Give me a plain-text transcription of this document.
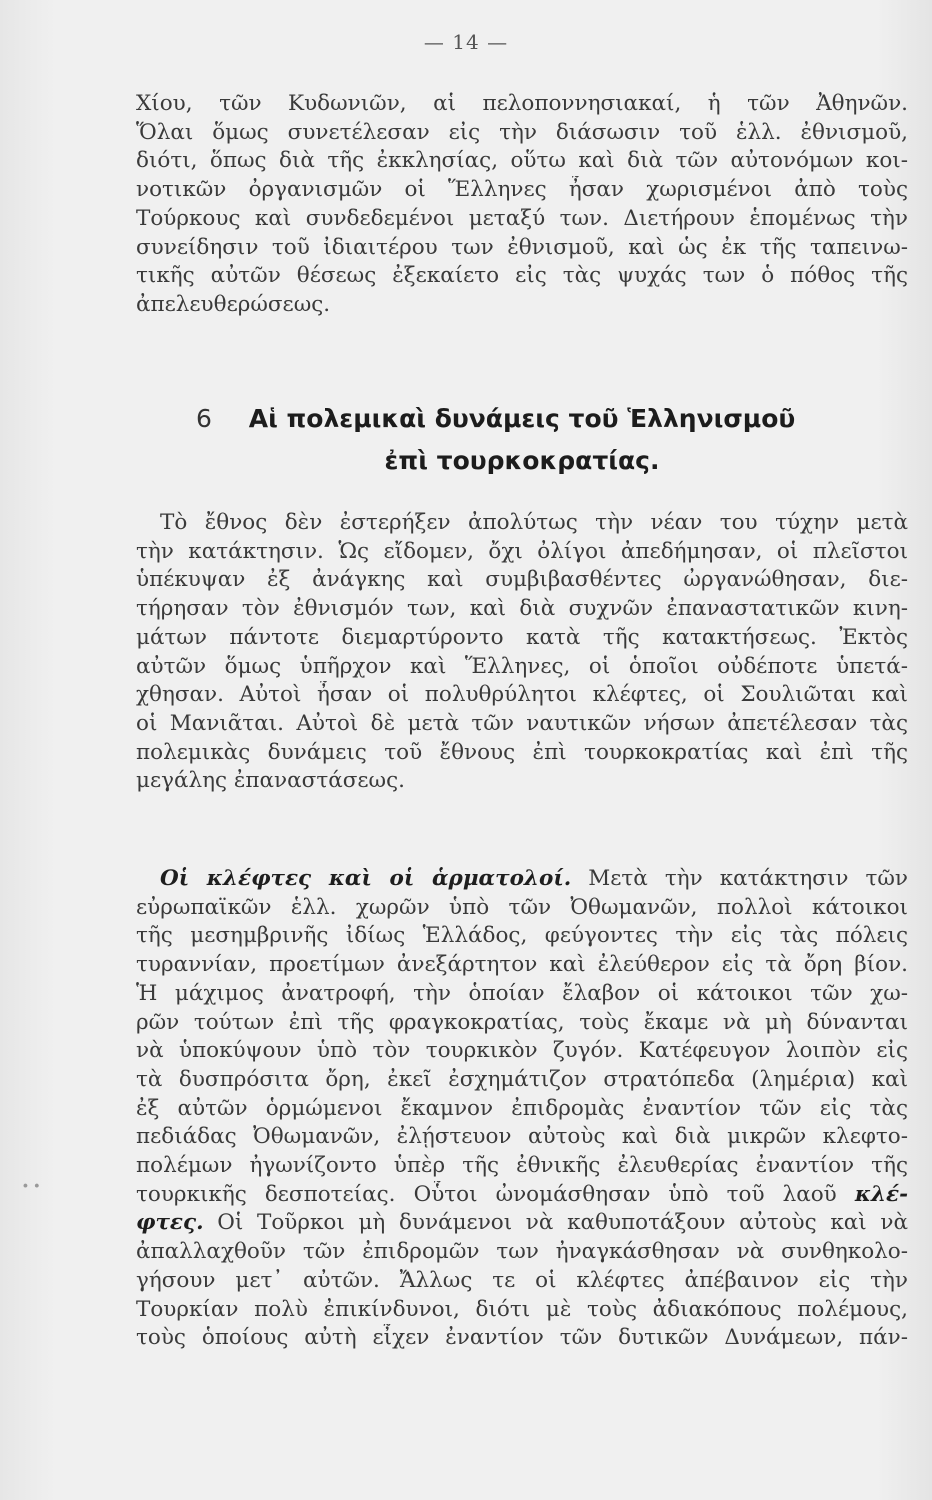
— 14 —
Χίου, τῶν Κυδωνιῶν, αἱ πελοποννησιακαί, ἡ τῶν Ἀθηνῶν.
Ὅλαι ὅμως συνετέλεσαν εἰς τὴν διάσωσιν τοῦ ἑλλ. ἐθνισμοῦ,
διότι, ὅπως διὰ τῆς ἐκκλησίας, οὕτω καὶ διὰ τῶν αὐτονόμων κοι-
νοτικῶν ὀργανισμῶν οἱ Ἕλληνες ἦσαν χωρισμένοι ἀπὸ τοὺς
Τούρκους καὶ συνδεδεμένοι μεταξύ των. Διετήρουν ἑπομένως τὴν
συνείδησιν τοῦ ἰδιαιτέρου των ἐθνισμοῦ, καὶ ὡς ἐκ τῆς ταπεινω-
τικῆς αὐτῶν θέσεως ἐξεκαίετο εἰς τὰς ψυχάς των ὁ πόθος τῆς
ἀπελευθερώσεως.
6	Αἱ πολεμικαὶ δυνάμεις τοῦ Ἑλληνισμοῦ
ἐπὶ τουρκοκρατίας.
Τὸ ἔθνος δὲν ἐστερήξεν ἀπολύτως τὴν νέαν του τύχην μετὰ
τὴν κατάκτησιν. Ὡς εἴδομεν, ὄχι ὀλίγοι ἀπεδήμησαν, οἱ πλεῖστοι
ὑπέκυψαν ἐξ ἀνάγκης καὶ συμβιβασθέντες ὠργανώθησαν, διε-
τήρησαν τὸν ἐθνισμόν των, καὶ διὰ συχνῶν ἐπαναστατικῶν κινη-
μάτων πάντοτε διεμαρτύροντο κατὰ τῆς κατακτήσεως. Ἐκτὸς
αὐτῶν ὅμως ὑπῆρχον καὶ Ἕλληνες, οἱ ὁποῖοι οὐδέποτε ὑπετά-
χθησαν. Αὐτοὶ ἦσαν οἱ πολυθρύλητοι κλέφτες, οἱ Σουλιῶται καὶ
οἱ Μανιᾶται. Αὐτοὶ δὲ μετὰ τῶν ναυτικῶν νήσων ἀπετέλεσαν τὰς
πολεμικὰς δυνάμεις τοῦ ἔθνους ἐπὶ τουρκοκρατίας καὶ ἐπὶ τῆς
μεγάλης ἐπαναστάσεως.
Οἱ κλέφτες καὶ οἱ ἁρματολοί. Μετὰ τὴν κατάκτησιν τῶν
εὐρωπαϊκῶν ἑλλ. χωρῶν ὑπὸ τῶν Ὀθωμανῶν, πολλοὶ κάτοικοι
τῆς μεσημβρινῆς ἰδίως Ἑλλάδος, φεύγοντες τὴν εἰς τὰς πόλεις
τυραννίαν, προετίμων ἀνεξάρτητον καὶ ἐλεύθερον εἰς τὰ ὄρη βίον.
Ἡ μάχιμος ἀνατροφή, τὴν ὁποίαν ἔλαβον οἱ κάτοικοι τῶν χω-
ρῶν τούτων ἐπὶ τῆς φραγκοκρατίας, τοὺς ἔκαμε νὰ μὴ δύνανται
νὰ ὑποκύψουν ὑπὸ τὸν τουρκικὸν ζυγόν. Κατέφευγον λοιπὸν εἰς
τὰ δυσπρόσιτα ὄρη, ἐκεῖ ἐσχημάτιζον στρατόπεδα (λημέρια) καὶ
ἐξ αὐτῶν ὁρμώμενοι ἔκαμνον ἐπιδρομὰς ἐναντίον τῶν εἰς τὰς
πεδιάδας Ὀθωμανῶν, ἐλῄστευον αὐτοὺς καὶ διὰ μικρῶν κλεφτο-
πολέμων ἠγωνίζοντο ὑπὲρ τῆς ἐθνικῆς ἐλευθερίας ἐναντίον τῆς
τουρκικῆς δεσποτείας. Οὗτοι ὠνομάσθησαν ὑπὸ τοῦ λαοῦ κλέ-
φτες. Οἱ Τοῦρκοι μὴ δυνάμενοι νὰ καθυποτάξουν αὐτοὺς καὶ νὰ
ἀπαλλαχθοῦν τῶν ἐπιδρομῶν των ἠναγκάσθησαν νὰ συνθηκολο-
γήσουν μετ᾿ αὐτῶν. Ἄλλως τε οἱ κλέφτες ἀπέβαινον εἰς τὴν
Τουρκίαν πολὺ ἐπικίνδυνοι, διότι μὲ τοὺς ἀδιακόπους πολέμους,
τοὺς ὁποίους αὐτὴ εἶχεν ἐναντίον τῶν δυτικῶν Δυνάμεων, πάν-
∙ ∙
